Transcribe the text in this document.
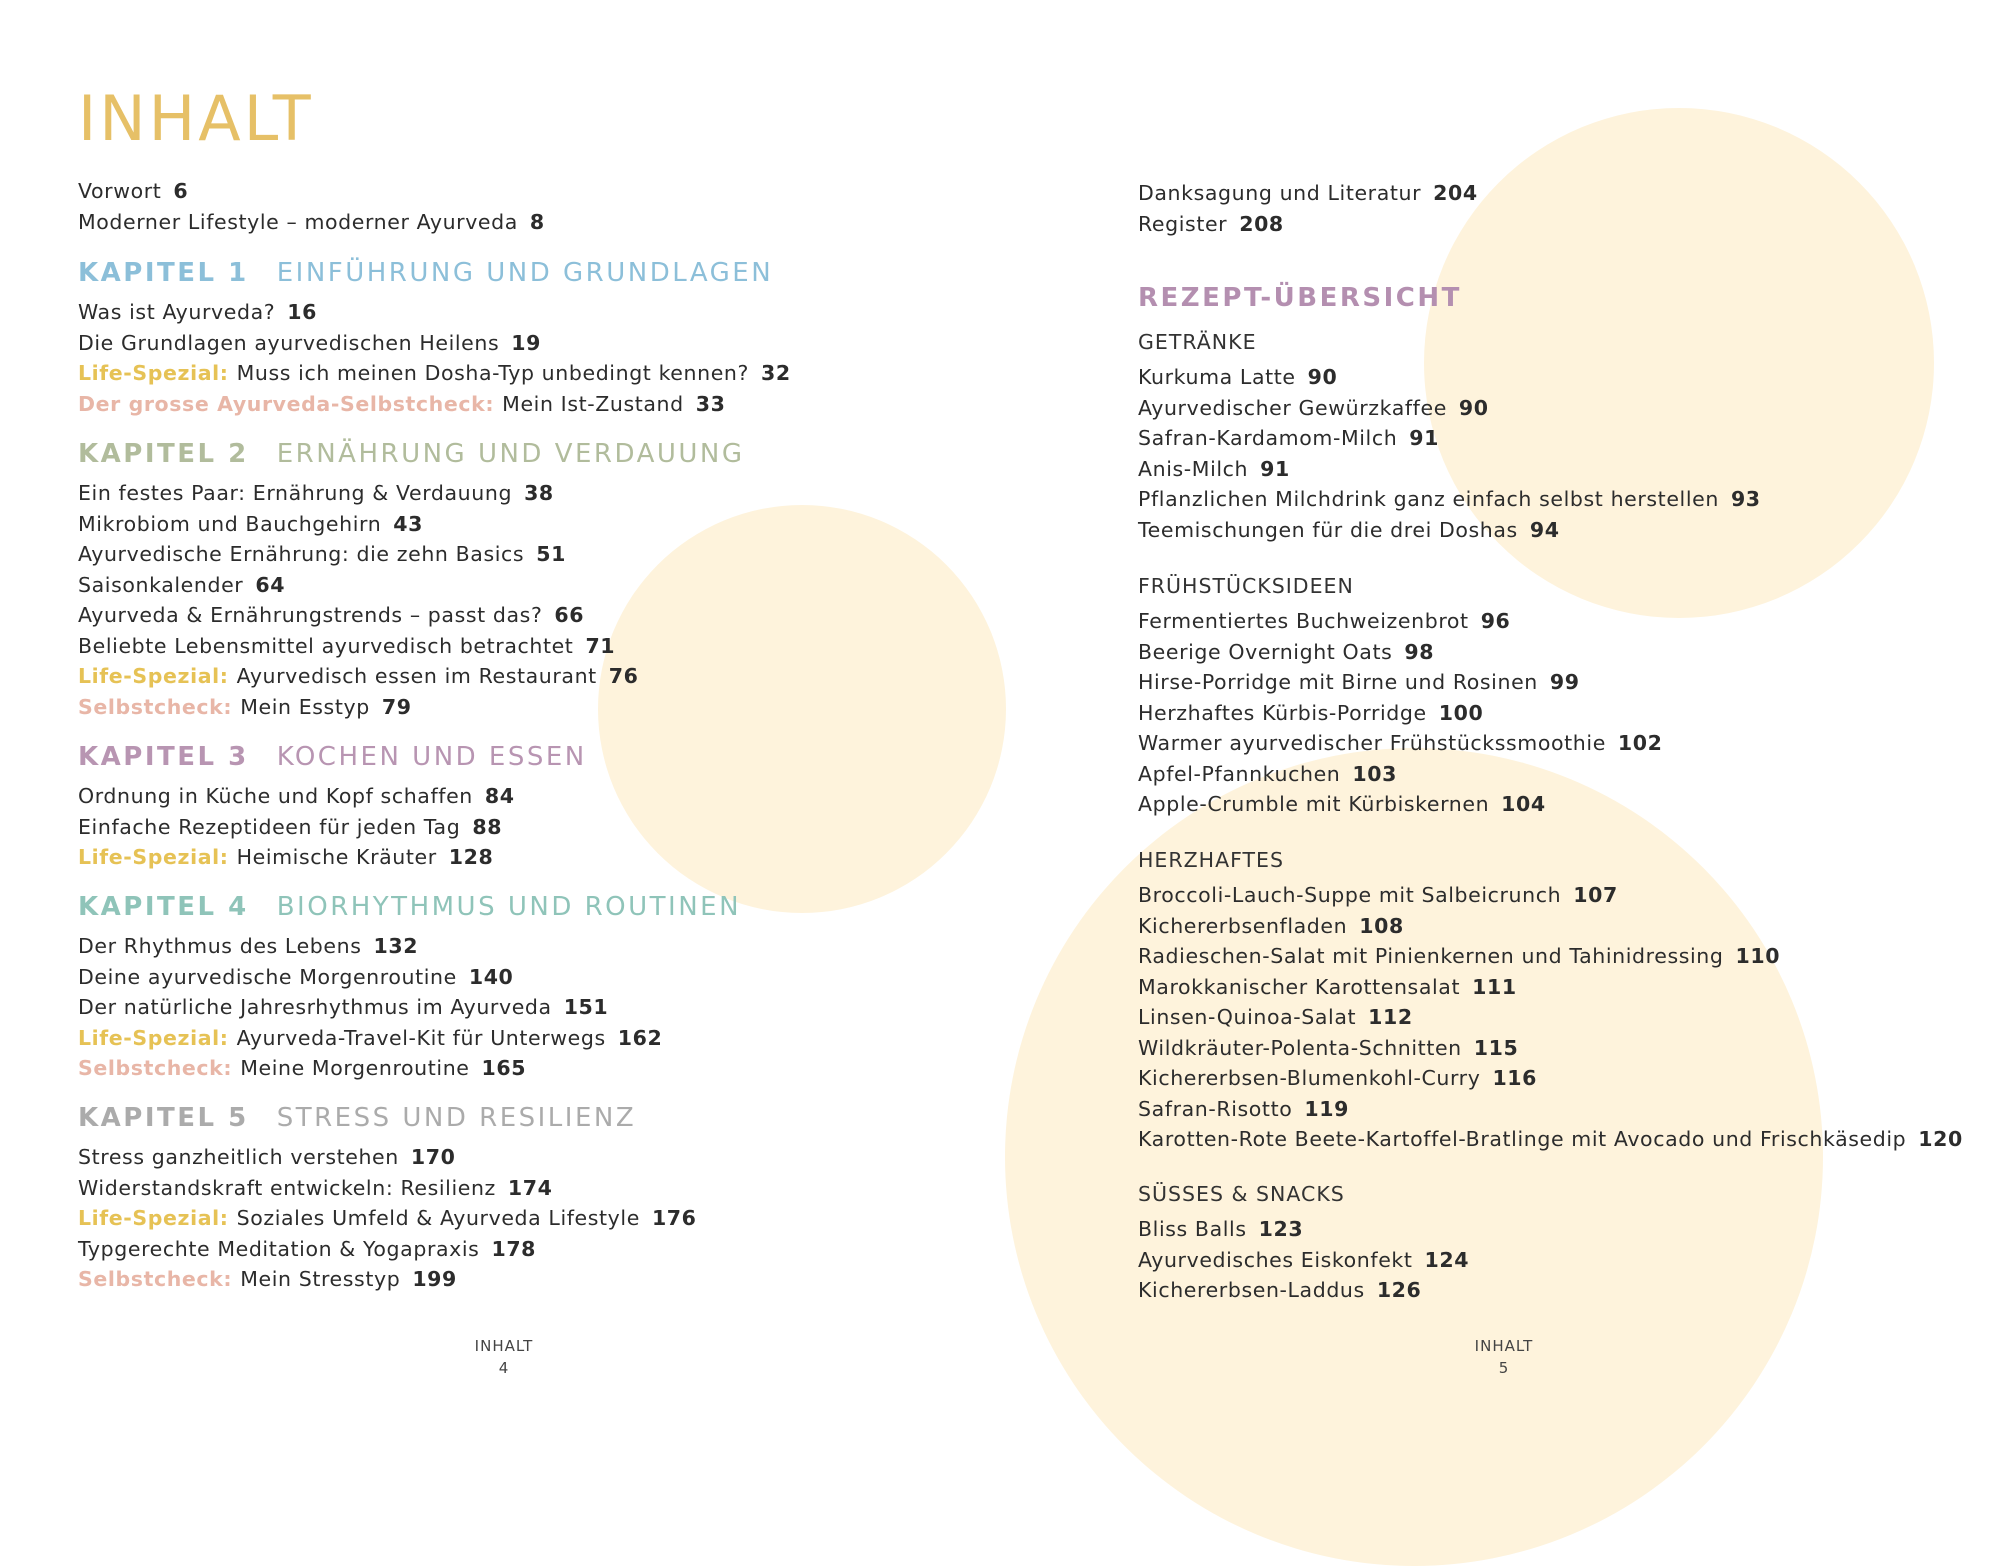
INHALT
Vorwort 6
Moderner Lifestyle – moderner Ayurveda 8
KAPITEL 1 EINFÜHRUNG UND GRUNDLAGEN
Was ist Ayurveda? 16
Die Grundlagen ayurvedischen Heilens 19
Life-Spezial: Muss ich meinen Dosha-Typ unbedingt kennen? 32
Der grosse Ayurveda-Selbstcheck: Mein Ist-Zustand 33
KAPITEL 2 ERNÄHRUNG UND VERDAUUNG
Ein festes Paar: Ernährung & Verdauung 38
Mikrobiom und Bauchgehirn 43
Ayurvedische Ernährung: die zehn Basics 51
Saisonkalender 64
Ayurveda & Ernährungstrends – passt das? 66
Beliebte Lebensmittel ayurvedisch betrachtet 71
Life-Spezial: Ayurvedisch essen im Restaurant 76
Selbstcheck: Mein Esstyp 79
KAPITEL 3 KOCHEN UND ESSEN
Ordnung in Küche und Kopf schaffen 84
Einfache Rezeptideen für jeden Tag 88
Life-Spezial: Heimische Kräuter 128
KAPITEL 4 BIORHYTHMUS UND ROUTINEN
Der Rhythmus des Lebens 132
Deine ayurvedische Morgenroutine 140
Der natürliche Jahresrhythmus im Ayurveda 151
Life-Spezial: Ayurveda-Travel-Kit für Unterwegs 162
Selbstcheck: Meine Morgenroutine 165
KAPITEL 5 STRESS UND RESILIENZ
Stress ganzheitlich verstehen 170
Widerstandskraft entwickeln: Resilienz 174
Life-Spezial: Soziales Umfeld & Ayurveda Lifestyle 176
Typgerechte Meditation & Yogapraxis 178
Selbstcheck: Mein Stresstyp 199
INHALT
4
Danksagung und Literatur 204
Register 208
REZEPT-ÜBERSICHT
GETRÄNKE
Kurkuma Latte 90
Ayurvedischer Gewürzkaffee 90
Safran-Kardamom-Milch 91
Anis-Milch 91
Pflanzlichen Milchdrink ganz einfach selbst herstellen 93
Teemischungen für die drei Doshas 94
FRÜHSTÜCKSIDEEN
Fermentiertes Buchweizenbrot 96
Beerige Overnight Oats 98
Hirse-Porridge mit Birne und Rosinen 99
Herzhaftes Kürbis-Porridge 100
Warmer ayurvedischer Frühstückssmoothie 102
Apfel-Pfannkuchen 103
Apple-Crumble mit Kürbiskernen 104
HERZHAFTES
Broccoli-Lauch-Suppe mit Salbeicrunch 107
Kichererbsenfladen 108
Radieschen-Salat mit Pinienkernen und Tahinidressing 110
Marokkanischer Karottensalat 111
Linsen-Quinoa-Salat 112
Wildkräuter-Polenta-Schnitten 115
Kichererbsen-Blumenkohl-Curry 116
Safran-Risotto 119
Karotten-Rote Beete-Kartoffel-Bratlinge mit Avocado und Frischkäsedip 120
SÜSSES & SNACKS
Bliss Balls 123
Ayurvedisches Eiskonfekt 124
Kichererbsen-Laddus 126
INHALT
5
